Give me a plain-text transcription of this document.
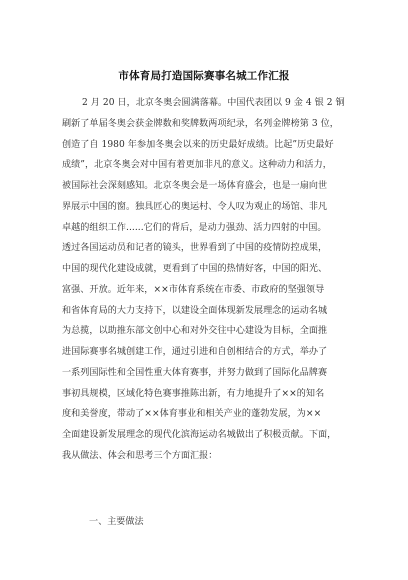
市体育局打造国际赛事名城工作汇报
2 月 20 日，北京冬奥会圆满落幕。中国代表团以 9 金 4 银 2 铜
刷新了单届冬奥会获金牌数和奖牌数两项纪录，名列金牌榜第 3 位，
创造了自 1980 年参加冬奥会以来的历史最好成绩。比起”历史最好
成绩”，北京冬奥会对中国有着更加非凡的意义。这种动力和活力，
被国际社会深刻感知。北京冬奥会是一场体育盛会，也是一扇向世
界展示中国的窗。独具匠心的奥运村、令人叹为观止的场馆、非凡
卓越的组织工作......它们的背后，是动力强劲、活力四射的中国。
透过各国运动员和记者的镜头，世界看到了中国的疫情防控成果，
中国的现代化建设成就，更看到了中国的热情好客，中国的阳光、
富强、开放。近年来，××市体育系统在市委、市政府的坚强领导
和省体育局的大力支持下，以建设全面体现新发展理念的运动名城
为总揽，以助推东部文创中心和对外交往中心建设为目标，全面推
进国际赛事名城创建工作，通过引进和自创相结合的方式，举办了
一系列国际性和全国性重大体育赛事，并努力做到了国际化品牌赛
事初具规模，区域化特色赛事推陈出新，有力地提升了××的知名
度和美誉度，带动了××体育事业和相关产业的蓬勃发展，为××
全面建设新发展理念的现代化滨海运动名城做出了积极贡献。下面，
我从做法、体会和思考三个方面汇报：
一、主要做法
